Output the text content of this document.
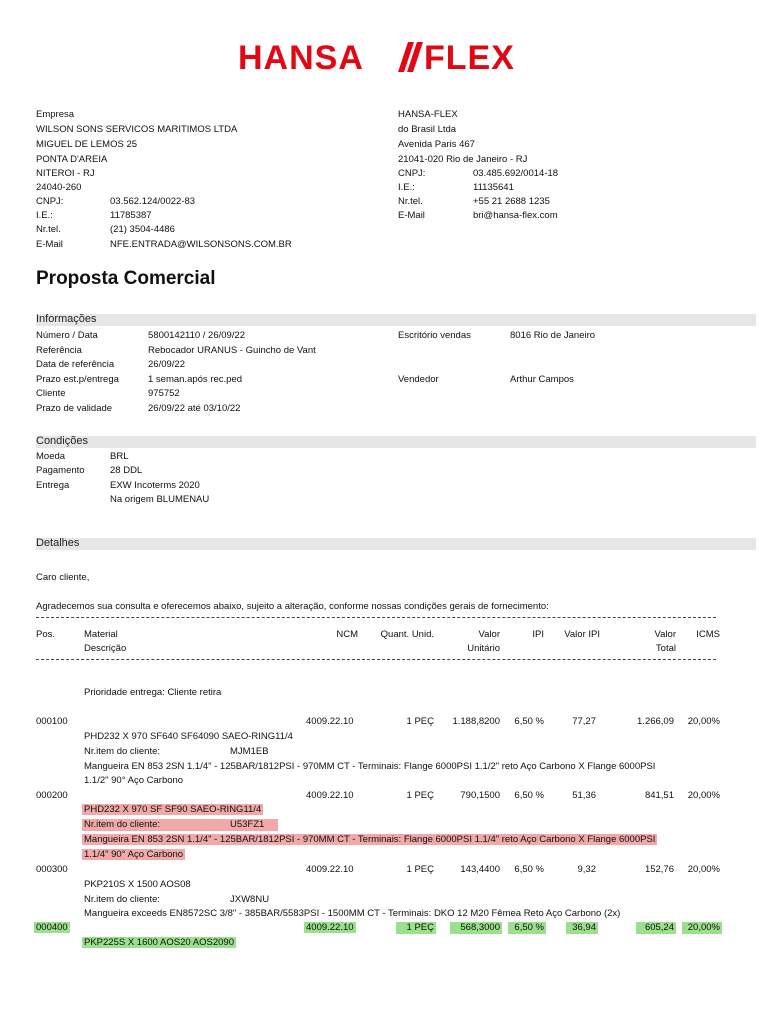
HANSA FLEX
Empresa
WILSON SONS SERVICOS MARITIMOS LTDA
MIGUEL DE LEMOS 25
PONTA D'AREIA
NITEROI - RJ
24040-260
CNPJ:	03.562.124/0022-83
I.E.:	11785387
Nr.tel.	(21) 3504-4486
E-Mail	NFE.ENTRADA@WILSONSONS.COM.BR
HANSA-FLEX
do Brasil Ltda
Avenida Paris 467
21041-020 Rio de Janeiro - RJ
CNPJ:	03.485.692/0014-18
I.E.:	11135641
Nr.tel.	+55 21 2688 1235
E-Mail	bri@hansa-flex.com
Proposta Comercial
Informações
Número / Data	5800142110 / 26/09/22
Referência	Rebocador URANUS - Guincho de Vant
Data de referência	26/09/22
Prazo est.p/entrega	1 seman.após rec.ped
Cliente	975752
Prazo de validade	26/09/22 até 03/10/22
Escritório vendas	8016 Rio de Janeiro
Vendedor	Arthur Campos
Condições
Moeda	BRL
Pagamento	28 DDL
Entrega	EXW Incoterms 2020
Na origem BLUMENAU
Detalhes
Caro cliente,
Agradecemos sua consulta e oferecemos abaixo, sujeito a alteração, conforme nossas condições gerais de fornecimento:
Pos.	Material
Descrição
NCM	Quant. Unid.	Valor
Unitário
IPI	Valor IPI	Valor
Total
ICMS
Prioridade entrega: Cliente retira
000100	4009.22.10	1 PEÇ	1.188,8200	6,50 %	77,27	1.266,09	20,00%
PHD232 X 970 SF640 SF64090 SAEO-RING11/4
Nr.item do cliente:	MJM1EB
Mangueira EN 853 2SN 1.1/4" - 125BAR/1812PSI - 970MM CT - Terminais: Flange 6000PSI 1.1/2" reto Aço Carbono X Flange 6000PSI
1.1/2" 90° Aço Carbono
000200	4009.22.10	1 PEÇ	790,1500	6,50 %	51,36	841,51	20,00%
PHD232 X 970 SF SF90 SAEO-RING11/4
Nr.item do cliente:	U53FZ1
Mangueira EN 853 2SN 1.1/4" - 125BAR/1812PSI - 970MM CT - Terminais: Flange 6000PSI 1.1/4" reto Aço Carbono X Flange 6000PSI
1.1/4" 90° Aço Carbono
000300	4009.22.10	1 PEÇ	143,4400	6,50 %	9,32	152,76	20,00%
PKP210S X 1500 AOS08
Nr.item do cliente:	JXW8NU
Mangueira exceeds EN8572SC 3/8" - 385BAR/5583PSI - 1500MM CT - Terminais: DKO 12 M20 Fêmea Reto Aço Carbono (2x)
000400	4009.22.10	1 PEÇ	568,3000	6,50 %	36,94	605,24	20,00%
PKP225S X 1600 AOS20 AOS2090
